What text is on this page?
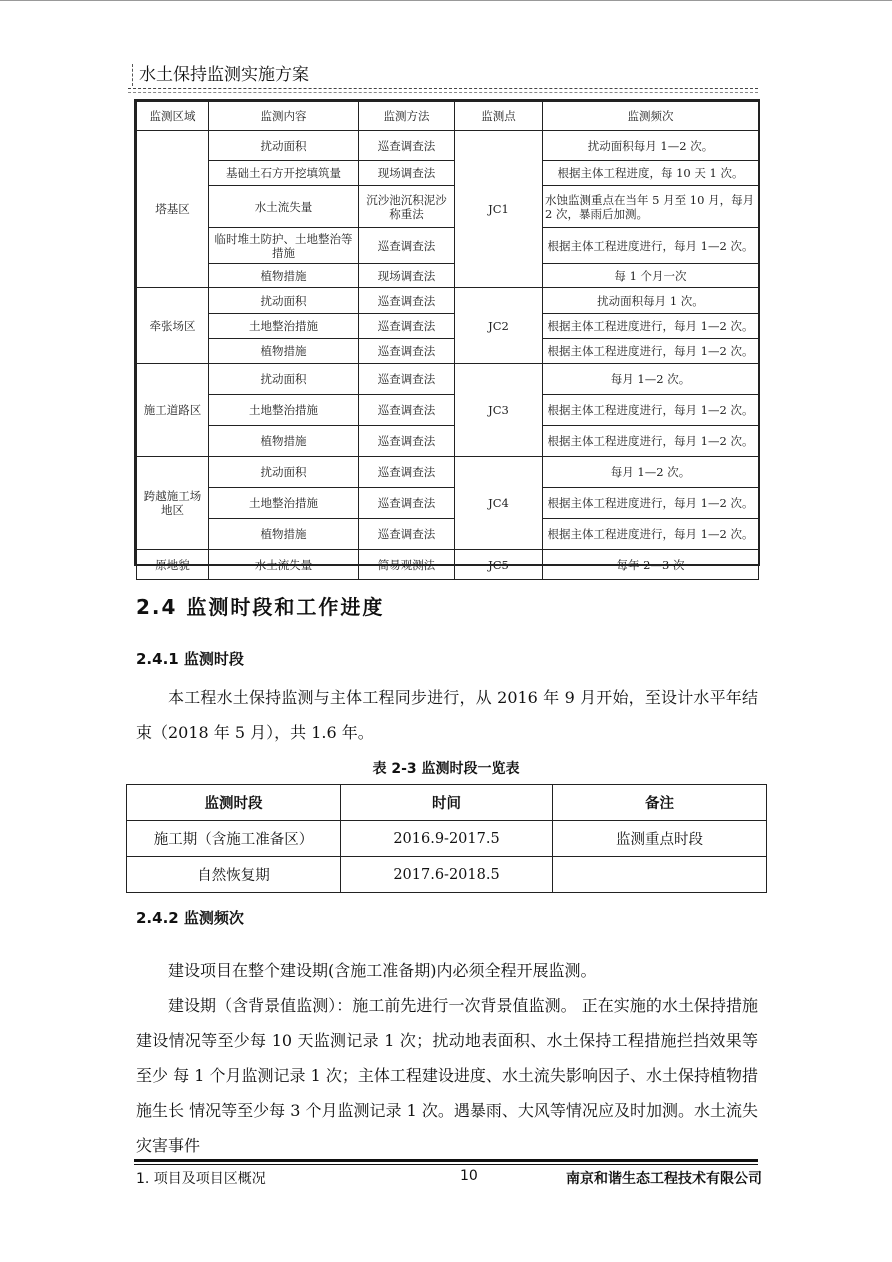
水土保持监测实施方案
监测区域	监测内容	监测方法	监测点	监测频次
塔基区	扰动面积	巡查调查法	JC1	扰动面积每月 1—2 次。
	基础土石方开挖填筑量	现场调查法		根据主体工程进度，每 10 天 1 次。
	水土流失量	沉沙池沉积泥沙称重法		水蚀监测重点在当年 5 月至 10 月，每月 2 次，暴雨后加测。
	临时堆土防护、土地整治等措施	巡查调查法		根据主体工程进度进行，每月 1—2 次。
	植物措施	现场调查法		每 1 个月一次
牵张场区	扰动面积	巡查调查法	JC2	扰动面积每月 1 次。
	土地整治措施	巡查调查法		根据主体工程进度进行，每月 1—2 次。
	植物措施	巡查调查法		根据主体工程进度进行，每月 1—2 次。
施工道路区	扰动面积	巡查调查法	JC3	每月 1—2 次。
	土地整治措施	巡查调查法		根据主体工程进度进行，每月 1—2 次。
	植物措施	巡查调查法		根据主体工程进度进行，每月 1—2 次。
跨越施工场地区	扰动面积	巡查调查法	JC4	每月 1—2 次。
	土地整治措施	巡查调查法		根据主体工程进度进行，每月 1—2 次。
	植物措施	巡查调查法		根据主体工程进度进行，每月 1—2 次。
原地貌	水土流失量	简易观测法	JC5	每年 2—3 次
2.4 监测时段和工作进度
2.4.1 监测时段
本工程水土保持监测与主体工程同步进行，从 2016 年 9 月开始，至设计水平年结束（2018 年 5 月），共 1.6 年。
表 2-3 监测时段一览表
监测时段	时间	备注
施工期（含施工准备区）	2016.9-2017.5	监测重点时段
自然恢复期	2017.6-2018.5	
2.4.2 监测频次
建设项目在整个建设期(含施工准备期)内必须全程开展监测。
建设期（含背景值监测）：施工前先进行一次背景值监测。 正在实施的水土保持措施 建设情况等至少每 10 天监测记录 1 次；扰动地表面积、水土保持工程措施拦挡效果等至少 每 1 个月监测记录 1 次；主体工程建设进度、水土流失影响因子、水土保持植物措施生长 情况等至少每 3 个月监测记录 1 次。遇暴雨、大风等情况应及时加测。水土流失灾害事件
1. 项目及项目区概况	10	南京和谐生态工程技术有限公司
